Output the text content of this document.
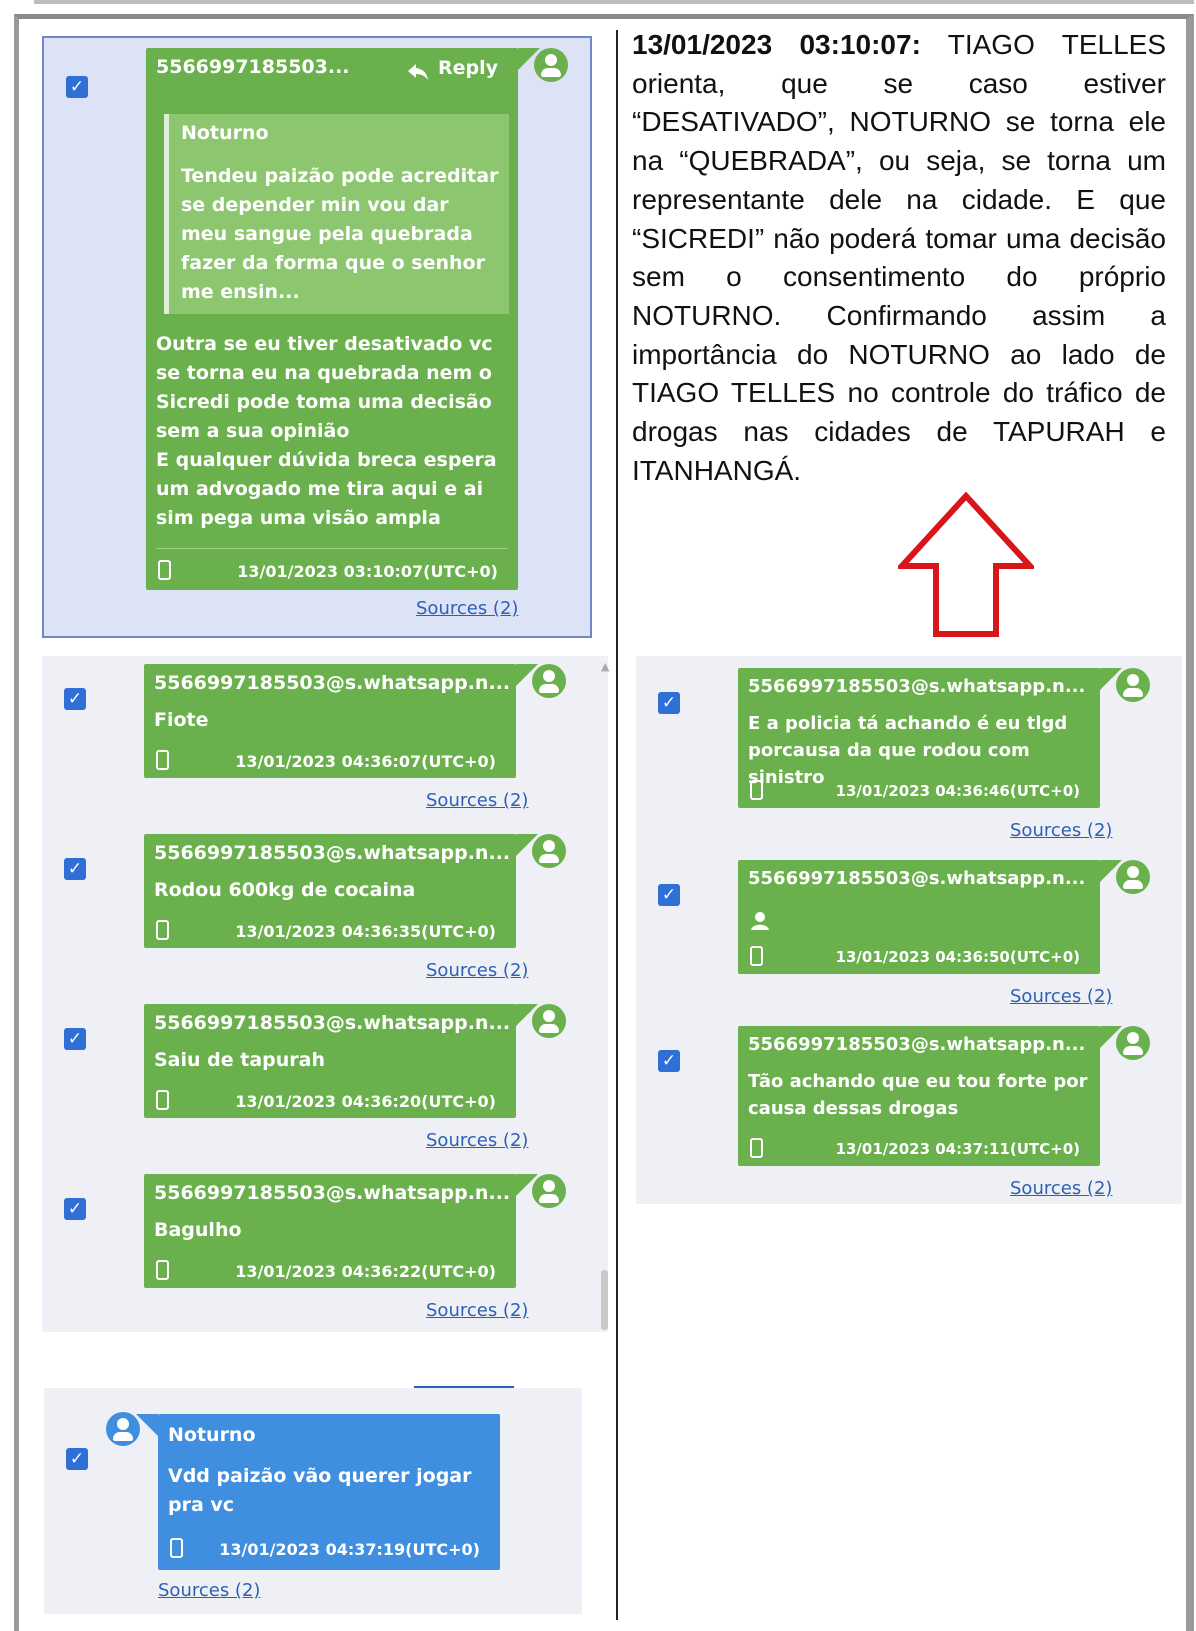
✓
5566997185503...	Reply
Noturno
Tendeu paizão pode acreditar se depender min vou dar meu sangue pela quebrada fazer da forma que o senhor me ensin...
Outra se eu tiver desativado vc se torna eu na quebrada nem o Sicredi pode toma uma decisão sem a sua opinião
E qualquer dúvida breca espera um advogado me tira aqui e ai sim pega uma visão ampla
13/01/2023 03:10:07(UTC+0)
Sources (2)
✓
5566997185503@s.whatsapp.n...
Fiote
13/01/2023 04:36:07(UTC+0)
Sources (2)
✓
5566997185503@s.whatsapp.n...
Rodou 600kg de cocaina
13/01/2023 04:36:35(UTC+0)
Sources (2)
✓
5566997185503@s.whatsapp.n...
Saiu de tapurah
13/01/2023 04:36:20(UTC+0)
Sources (2)
✓
5566997185503@s.whatsapp.n...
Bagulho
13/01/2023 04:36:22(UTC+0)
Sources (2)
▲
✓
Noturno
Vdd paizão vão querer jogar pra vc
13/01/2023 04:37:19(UTC+0)
Sources (2)

13/01/2023 03:10:07: TIAGO TELLES orienta, que se caso estiver “DESATIVADO”, NOTURNO se torna ele na “QUEBRADA”, ou seja, se torna um representante dele na cidade. E que “SICREDI” não poderá tomar uma decisão sem o consentimento do próprio NOTURNO. Confirmando assim a importância do NOTURNO ao lado de TIAGO TELLES no controle do tráfico de drogas nas cidades de TAPURAH e ITANHANGÁ.

✓
5566997185503@s.whatsapp.n...
E a policia tá achando é eu tlgd porcausa da que rodou com sinistro
13/01/2023 04:36:46(UTC+0)
Sources (2)
✓
5566997185503@s.whatsapp.n...
13/01/2023 04:36:50(UTC+0)
Sources (2)
✓
5566997185503@s.whatsapp.n...
Tão achando que eu tou forte por causa dessas drogas
13/01/2023 04:37:11(UTC+0)
Sources (2)
